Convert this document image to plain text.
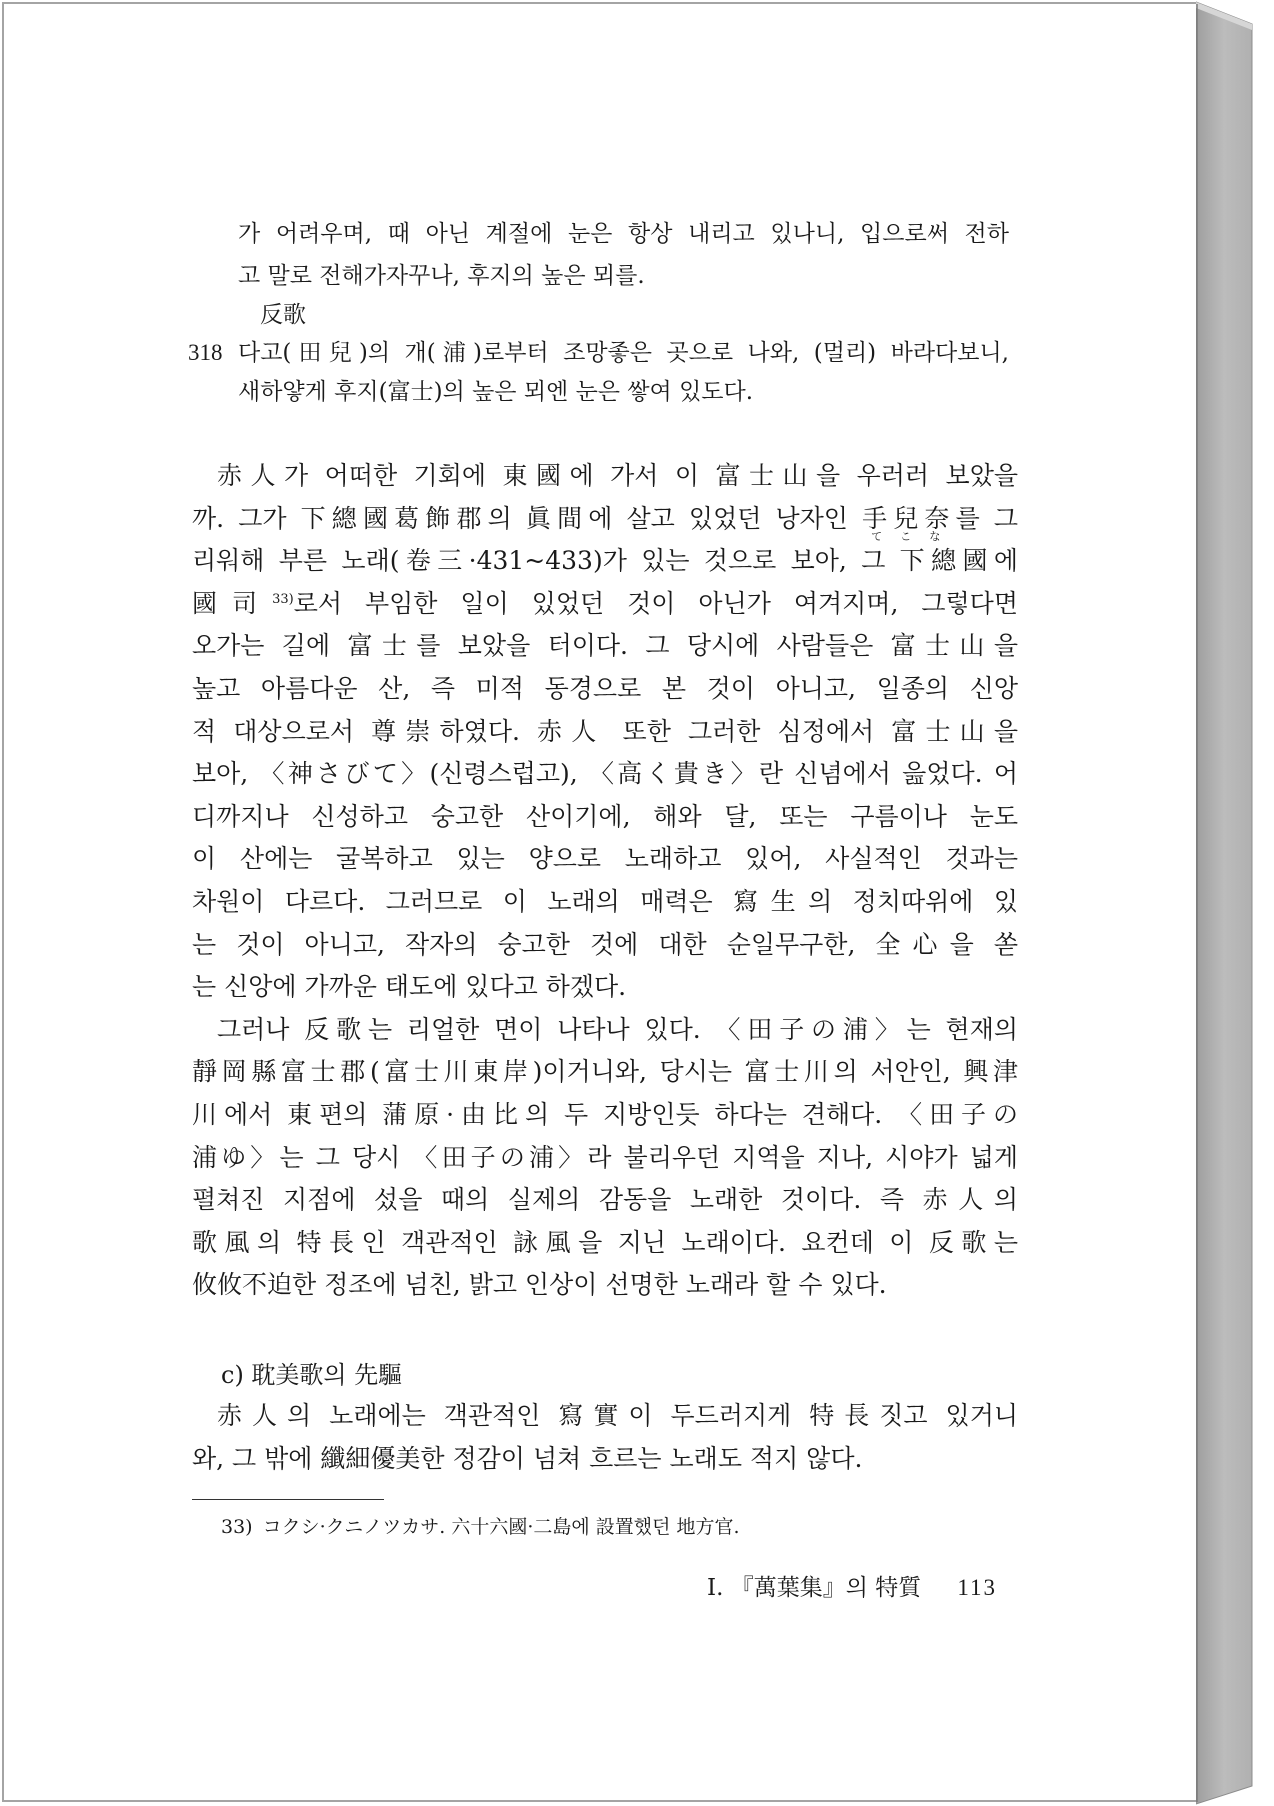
가 어려우며, 때 아닌 계절에 눈은 항상 내리고 있나니, 입으로써 전하
고 말로 전해가자꾸나, 후지의 높은 뫼를.
反歌
318 다고(田兒)의 개(浦)로부터 조망좋은 곳으로 나와, (멀리) 바라다보니,
새하얗게 후지(富士)의 높은 뫼엔 눈은 쌓여 있도다.
赤人가 어떠한 기회에 東國에 가서 이 富士山을 우러러 보았을
까. 그가 下總國葛飾郡의 眞間에 살고 있었던 낭자인 手兒奈てこな를 그
리워해 부른 노래(卷三·431~433)가 있는 것으로 보아, 그 下總國에
國司$^{33)}$로서 부임한 일이 있었던 것이 아닌가 여겨지며, 그렇다면
오가는 길에 富士를 보았을 터이다. 그 당시에 사람들은 富士山을
높고 아름다운 산, 즉 미적 동경으로 본 것이 아니고, 일종의 신앙
적 대상으로서 尊崇하였다. 赤人 또한 그러한 심정에서 富士山을
보아, 〈神さびて〉(신령스럽고), 〈高く貴き〉란 신념에서 읊었다. 어
디까지나 신성하고 숭고한 산이기에, 해와 달, 또는 구름이나 눈도
이 산에는 굴복하고 있는 양으로 노래하고 있어, 사실적인 것과는
차원이 다르다. 그러므로 이 노래의 매력은 寫生의 정치따위에 있
는 것이 아니고, 작자의 숭고한 것에 대한 순일무구한, 全心을 쏟
는 신앙에 가까운 태도에 있다고 하겠다.
그러나 反歌는 리얼한 면이 나타나 있다. 〈田子の浦〉는 현재의
靜岡縣富士郡(富士川東岸)이거니와, 당시는 富士川의 서안인, 興津
川에서 東편의 蒲原·由比의 두 지방인듯 하다는 견해다. 〈田子の
浦ゆ〉는 그 당시 〈田子の浦〉라 불리우던 지역을 지나, 시야가 넓게
펼쳐진 지점에 섰을 때의 실제의 감동을 노래한 것이다. 즉 赤人의
歌風의 特長인 객관적인 詠風을 지닌 노래이다. 요컨데 이 反歌는
攸攸不迫한 정조에 넘친, 밝고 인상이 선명한 노래라 할 수 있다.
c) 耽美歌의 先驅
赤人의 노래에는 객관적인 寫實이 두드러지게 特長짓고 있거니
와, 그 밖에 纖細優美한 정감이 넘쳐 흐르는 노래도 적지 않다.
33) コクシ·クニノツカサ. 六十六國·二島에 設置했던 地方官.
I. 『萬葉集』의 特質	113
